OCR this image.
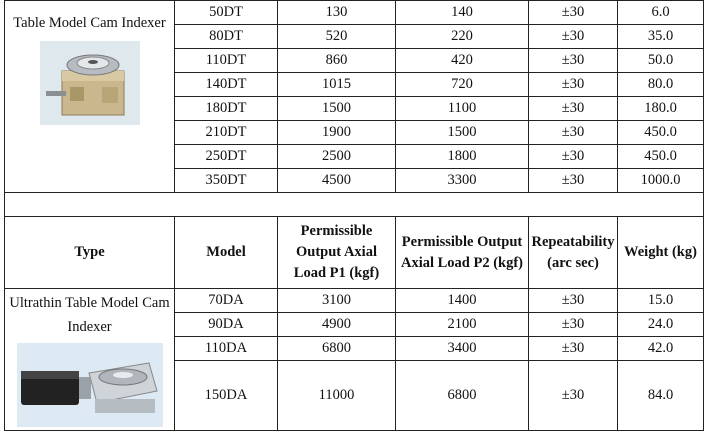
Table Model Cam Indexer	50DT	130	140	±30	6.0
	80DT	520	220	±30	35.0
	110DT	860	420	±30	50.0
	140DT	1015	720	±30	80.0
	180DT	1500	1100	±30	180.0
	210DT	1900	1500	±30	450.0
	250DT	2500	1800	±30	450.0
	350DT	4500	3300	±30	1000.0

Type	Model	Permissible Output Axial Load P1 (kgf)	Permissible Output Axial Load P2 (kgf)	Repeatability (arc sec)	Weight (kg)

Ultrathin Table Model Cam Indexer	70DA	3100	1400	±30	15.0
	90DA	4900	2100	±30	24.0
	110DA	6800	3400	±30	42.0
	150DA	11000	6800	±30	84.0
